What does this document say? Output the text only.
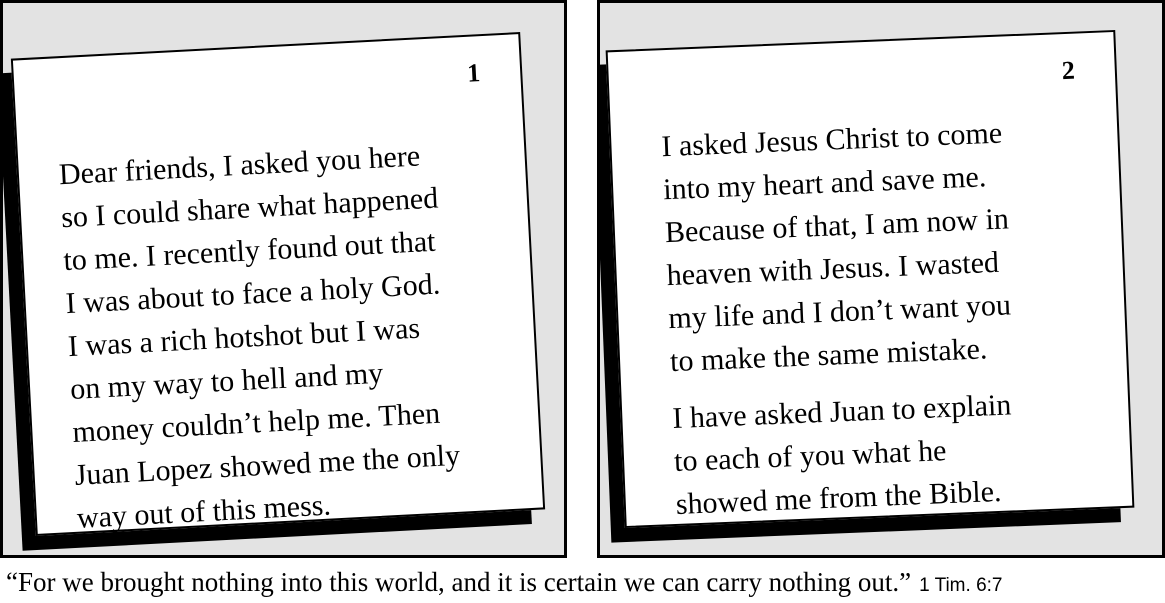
1

Dear friends, I asked you here
so I could share what happened
to me. I recently found out that
I was about to face a holy God.
I was a rich hotshot but I was
on my way to hell and my
money couldn’t help me. Then
Juan Lopez showed me the only
way out of this mess.

2

I asked Jesus Christ to come
into my heart and save me.
Because of that, I am now in
heaven with Jesus. I wasted
my life and I don’t want you
to make the same mistake.

I have asked Juan to explain
to each of you what he
showed me from the Bible.

“For we brought nothing into this world, and it is certain we can carry nothing out.” 1 Tim. 6:7
